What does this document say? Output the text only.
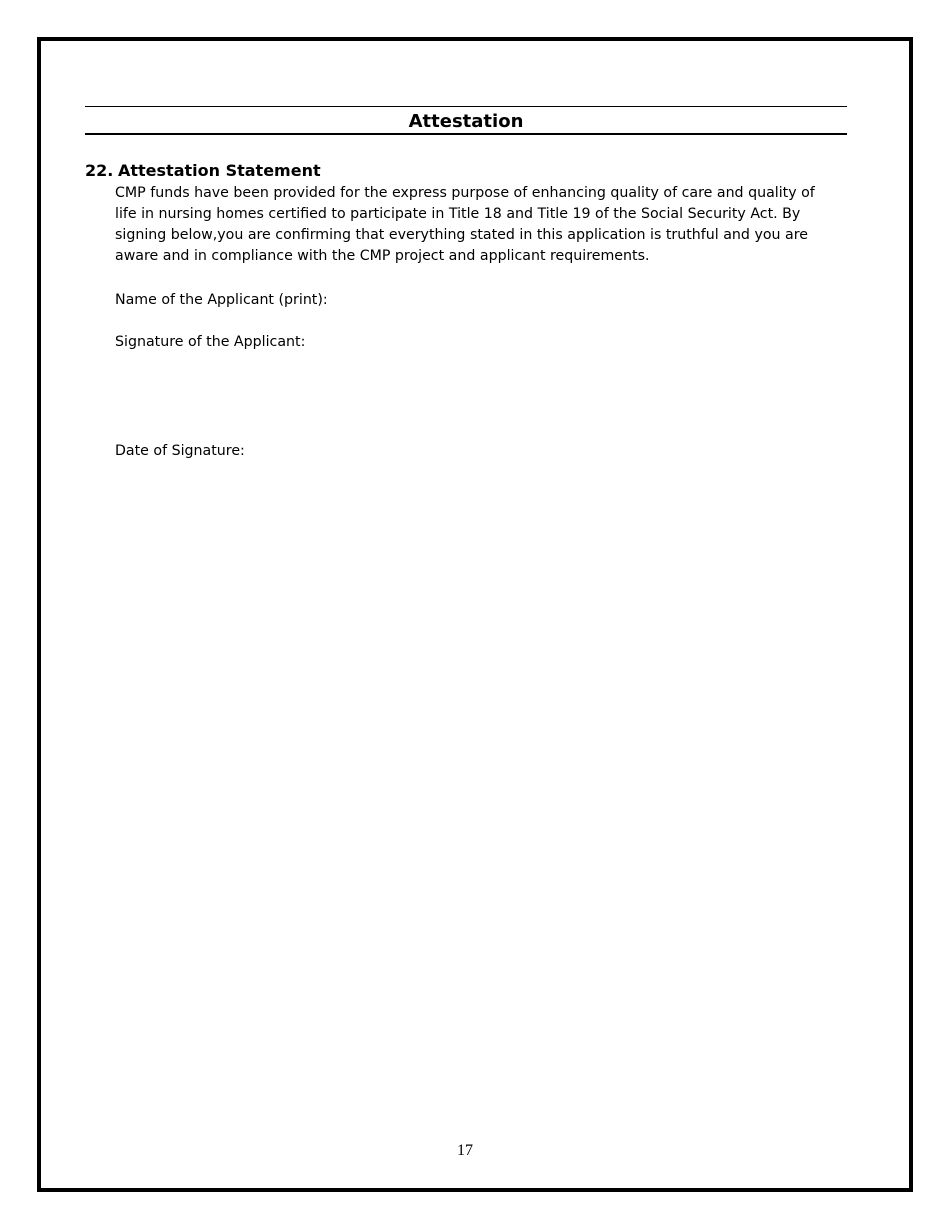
Attestation
22. Attestation Statement

CMP funds have been provided for the express purpose of enhancing quality of care and quality of life in nursing homes certified to participate in Title 18 and Title 19 of the Social Security Act. By signing below,you are confirming that everything stated in this application is truthful and you are aware and in compliance with the CMP project and applicant requirements.

Name of the Applicant (print):
Signature of the Applicant:
Date of Signature:
17
